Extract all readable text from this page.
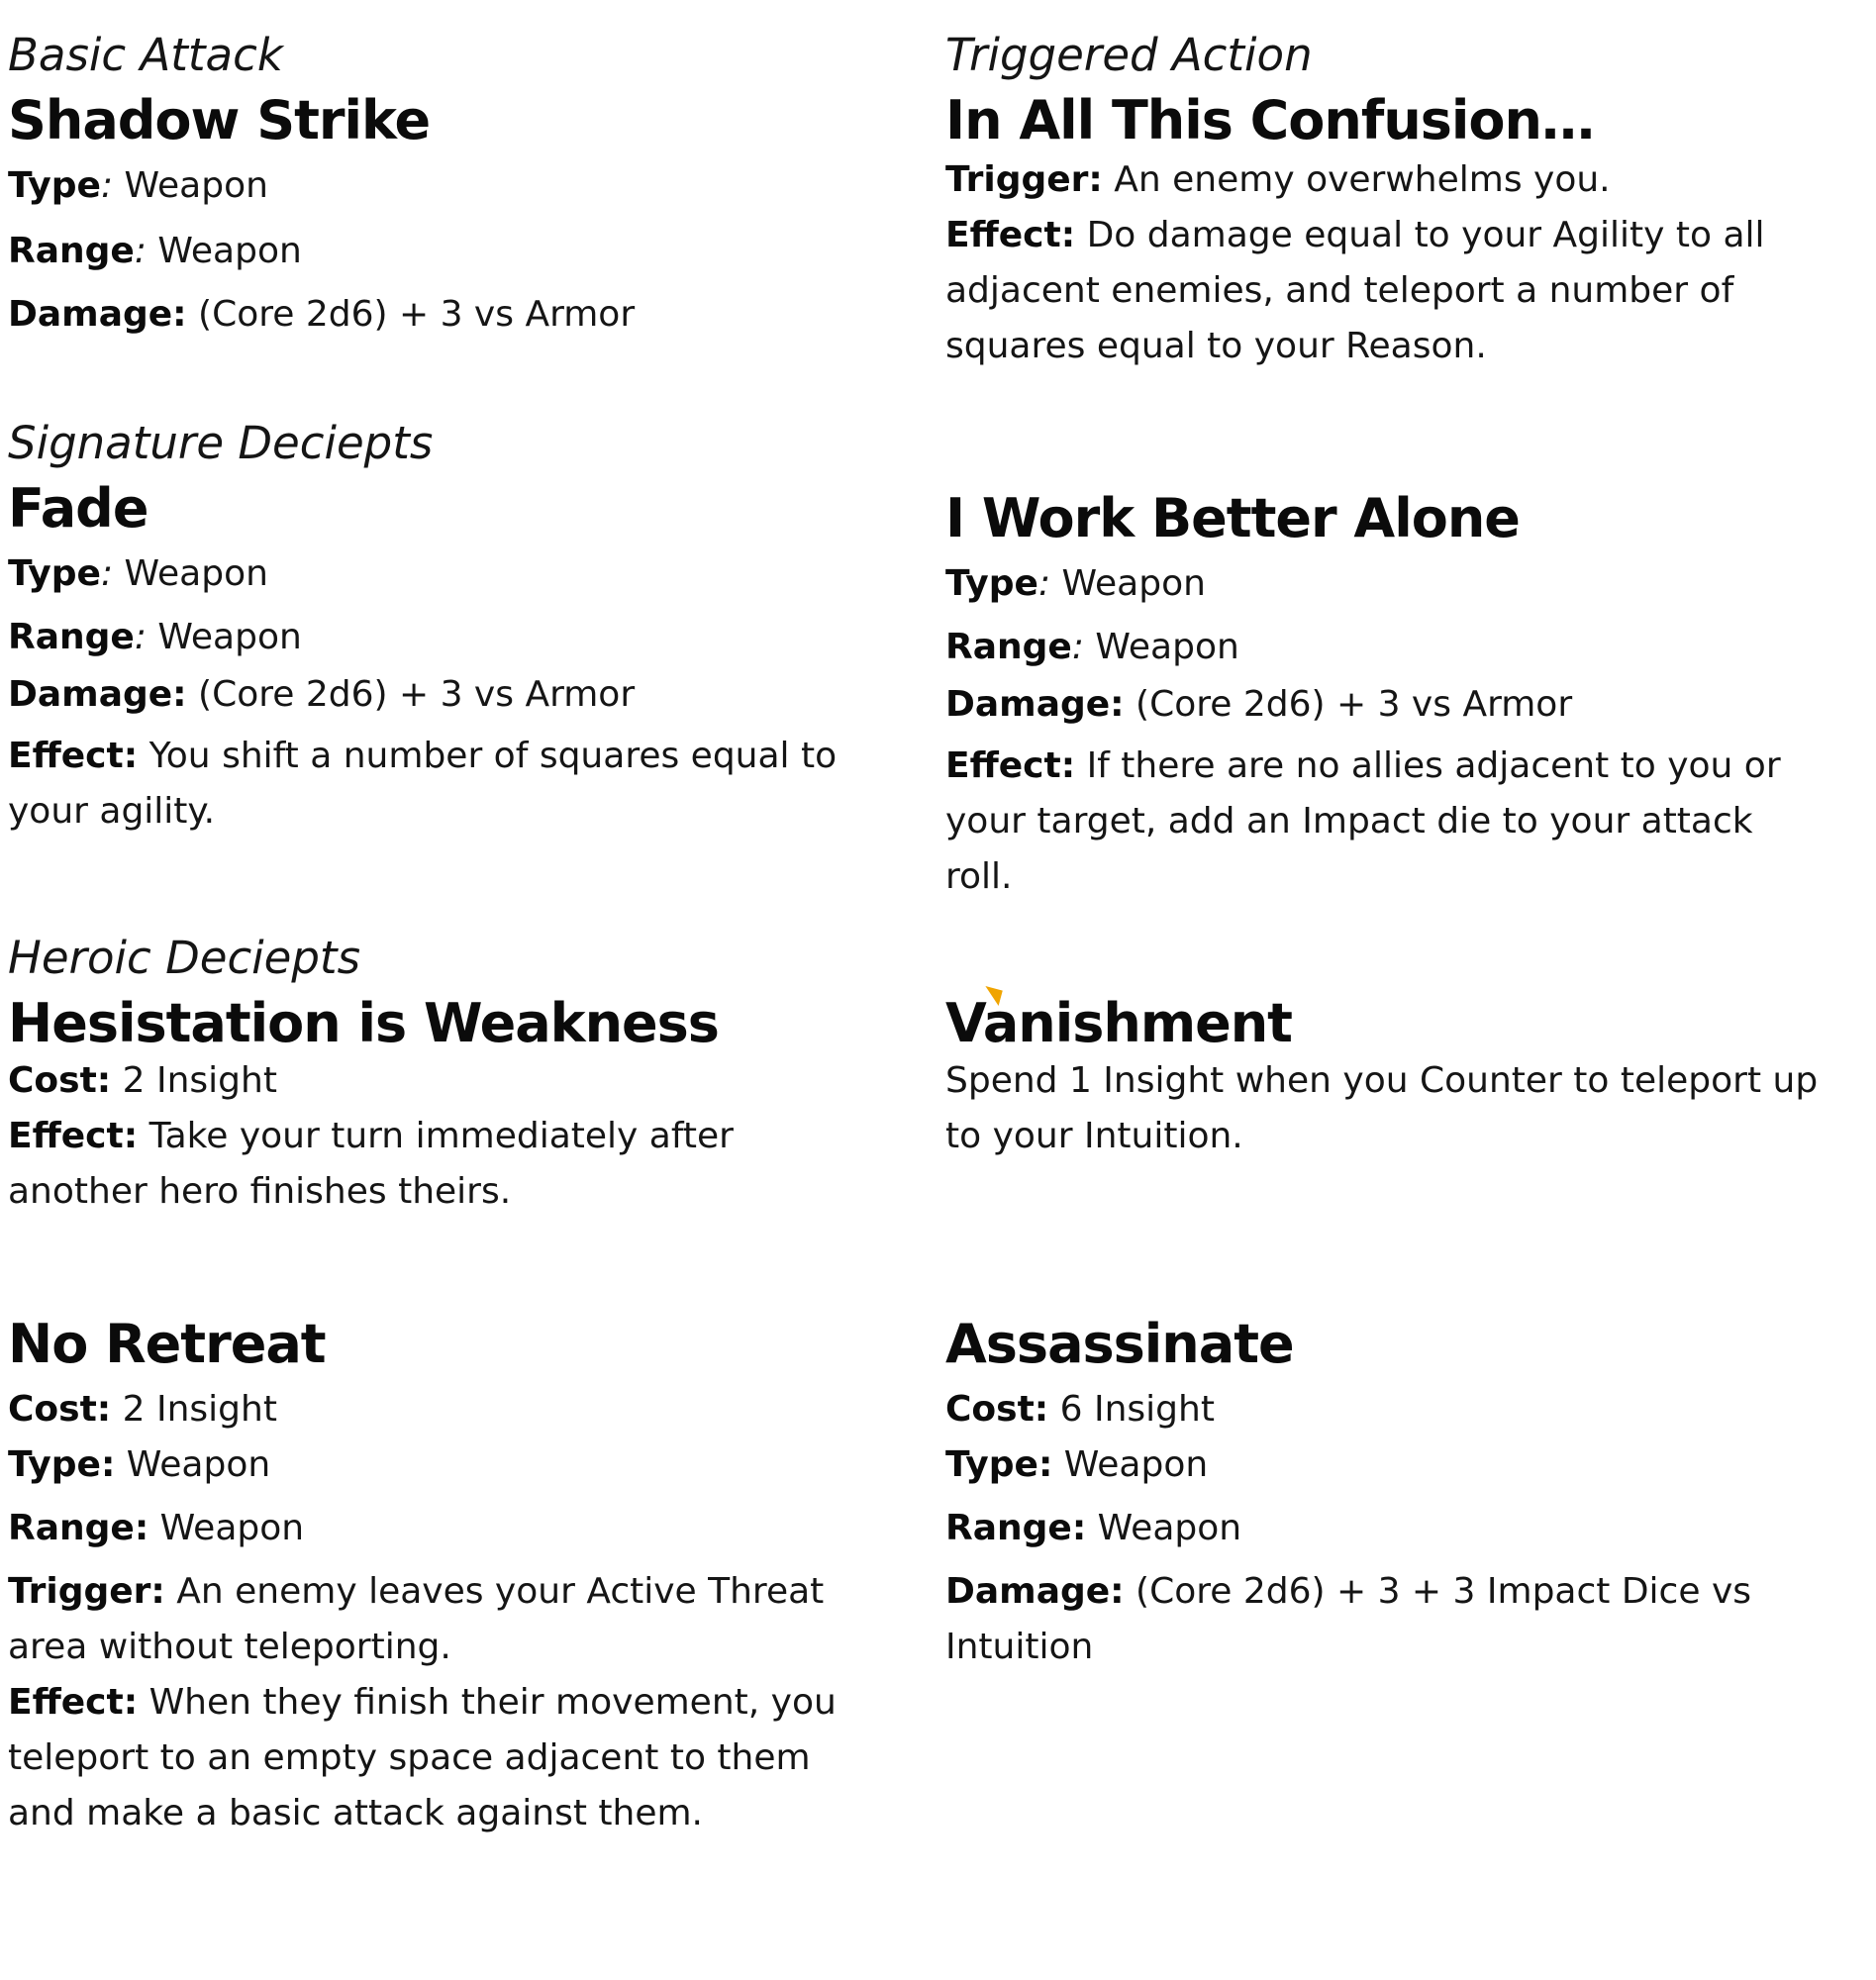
Basic Attack

Shadow Strike

Type: Weapon

Range: Weapon

Damage: (Core 2d6) + 3 vs Armor

Signature Deciepts

Fade

Type: Weapon

Range: Weapon

Damage: (Core 2d6) + 3 vs Armor

Effect: You shift a number of squares equal to

your agility.

Heroic Deciepts

Hesistation is Weakness

Cost: 2 Insight

Effect: Take your turn immediately after

another hero finishes theirs.

No Retreat

Cost: 2 Insight

Type: Weapon

Range: Weapon

Trigger: An enemy leaves your Active Threat

area without teleporting.

Effect: When they finish their movement, you

teleport to an empty space adjacent to them

and make a basic attack against them.

Triggered Action

In All This Confusion…

Trigger: An enemy overwhelms you.

Effect: Do damage equal to your Agility to all

adjacent enemies, and teleport a number of

squares equal to your Reason.

I Work Better Alone

Type: Weapon

Range: Weapon

Damage: (Core 2d6) + 3 vs Armor

Effect: If there are no allies adjacent to you or

your target, add an Impact die to your attack

roll.

Vanishment

Spend 1 Insight when you Counter to teleport up

to your Intuition.

Assassinate

Cost: 6 Insight

Type: Weapon

Range: Weapon

Damage: (Core 2d6) + 3 + 3 Impact Dice vs

Intuition
